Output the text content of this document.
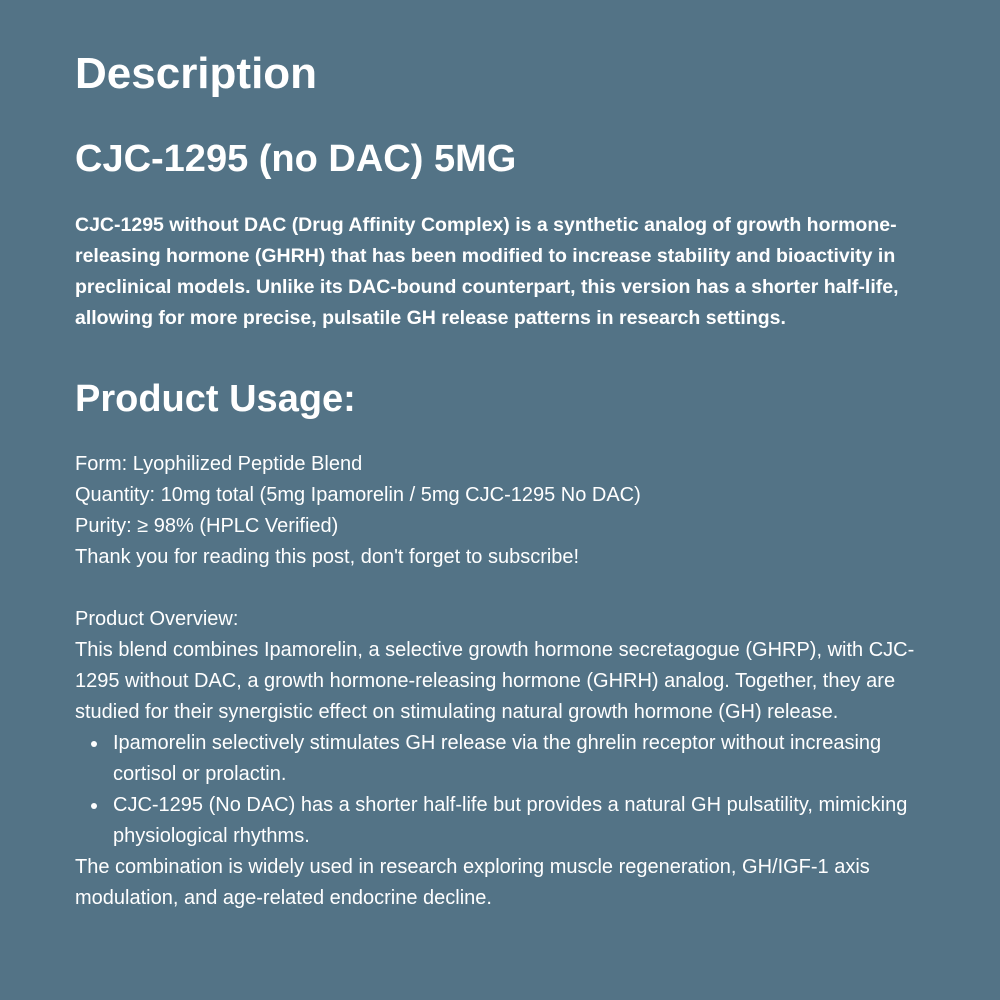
Description
CJC-1295 (no DAC) 5MG

CJC-1295 without DAC (Drug Affinity Complex) is a synthetic analog of growth hormone-releasing hormone (GHRH) that has been modified to increase stability and bioactivity in preclinical models. Unlike its DAC-bound counterpart, this version has a shorter half-life, allowing for more precise, pulsatile GH release patterns in research settings.

Product Usage:

Form: Lyophilized Peptide Blend

Quantity: 10mg total (5mg Ipamorelin / 5mg CJC-1295 No DAC)

Purity: ≥ 98% (HPLC Verified)

Thank you for reading this post, don't forget to subscribe!

Product Overview:

This blend combines Ipamorelin, a selective growth hormone secretagogue (GHRP), with CJC-1295 without DAC, a growth hormone-releasing hormone (GHRH) analog. Together, they are studied for their synergistic effect on stimulating natural growth hormone (GH) release.

Ipamorelin selectively stimulates GH release via the ghrelin receptor without increasing cortisol or prolactin.
CJC-1295 (No DAC) has a shorter half-life but provides a natural GH pulsatility, mimicking physiological rhythms.

The combination is widely used in research exploring muscle regeneration, GH/IGF-1 axis modulation, and age-related endocrine decline.
